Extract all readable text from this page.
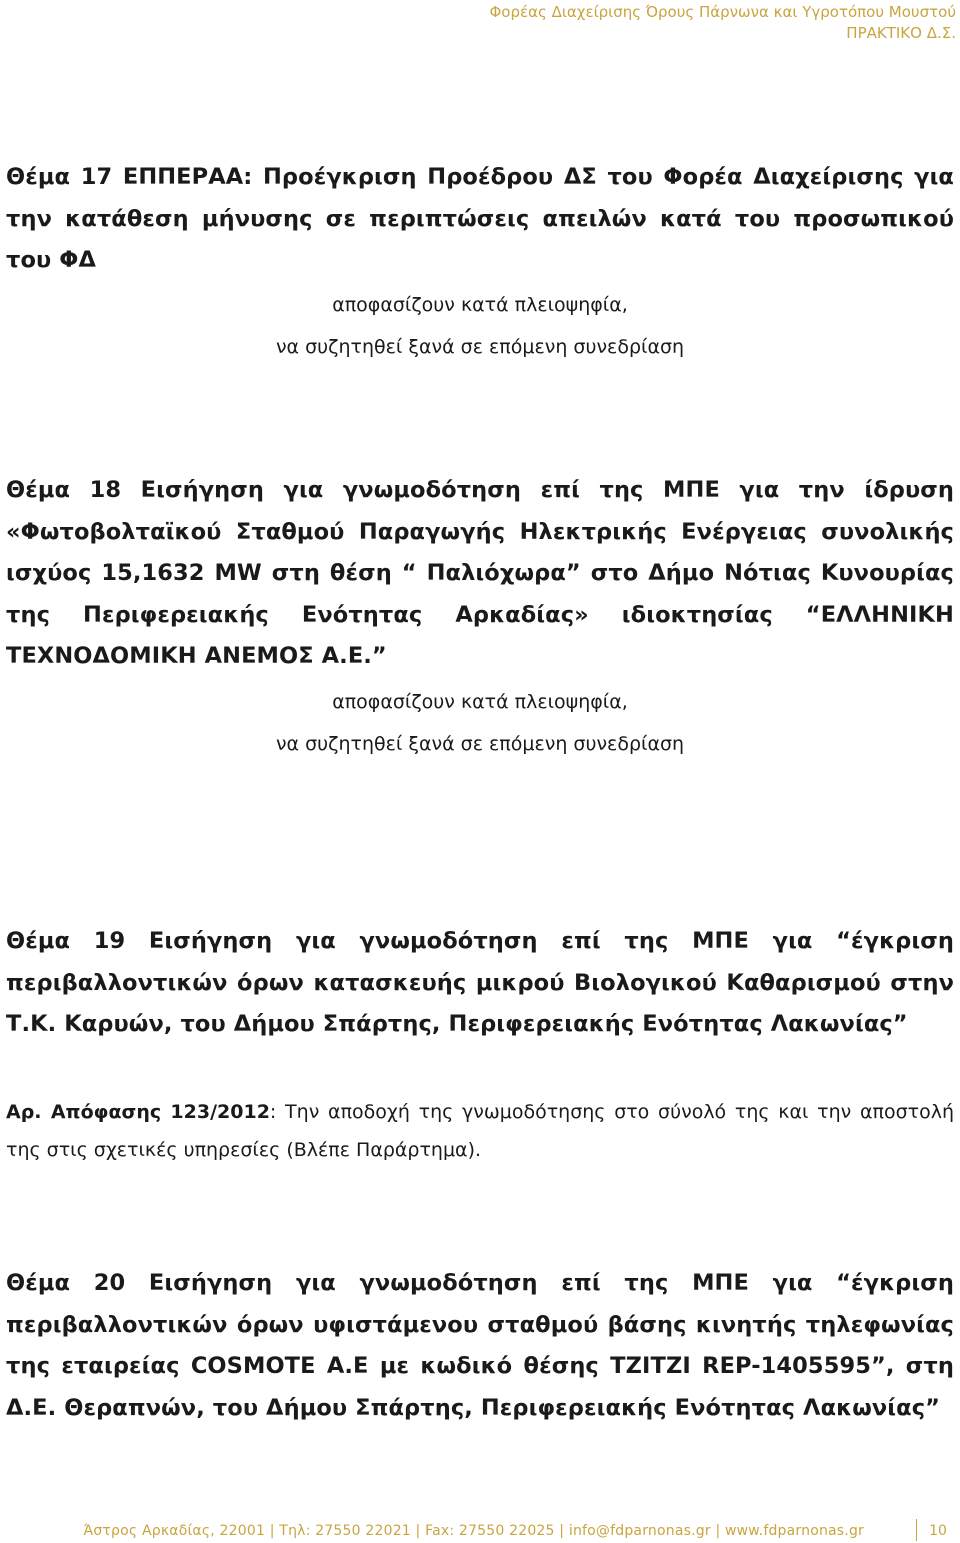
Φορέας Διαχείρισης Όρους Πάρνωνα και Υγροτόπου Μουστού
ΠΡΑΚΤΙΚΟ Δ.Σ.

Θέμα 17 ΕΠΠΕΡΑΑ: Προέγκριση Προέδρου ΔΣ του Φορέα Διαχείρισης για την κατάθεση μήνυσης σε περιπτώσεις απειλών κατά του προσωπικού του ΦΔ

αποφασίζουν κατά πλειοψηφία,
να συζητηθεί ξανά σε επόμενη συνεδρίαση

Θέμα 18 Εισήγηση για γνωμοδότηση επί της ΜΠΕ για την ίδρυση «Φωτοβολταϊκού Σταθμού Παραγωγής Ηλεκτρικής Ενέργειας συνολικής ισχύος 15,1632 MW στη θέση “ Παλιόχωρα” στο Δήμο Νότιας Κυνουρίας της Περιφερειακής Ενότητας Αρκαδίας» ιδιοκτησίας “ΕΛΛΗΝΙΚΗ ΤΕΧΝΟΔΟΜΙΚΗ ΑΝΕΜΟΣ Α.Ε.”

αποφασίζουν κατά πλειοψηφία,
να συζητηθεί ξανά σε επόμενη συνεδρίαση

Θέμα 19 Εισήγηση για γνωμοδότηση επί της ΜΠΕ για “έγκριση περιβαλλοντικών όρων κατασκευής μικρού Βιολογικού Καθαρισμού στην Τ.Κ. Καρυών, του Δήμου Σπάρτης, Περιφερειακής Ενότητας Λακωνίας”

Αρ. Απόφασης 123/2012: Την αποδοχή της γνωμοδότησης στο σύνολό της και την αποστολή της στις σχετικές υπηρεσίες (Βλέπε Παράρτημα).

Θέμα 20 Εισήγηση για γνωμοδότηση επί της ΜΠΕ για “έγκριση περιβαλλοντικών όρων υφιστάμενου σταθμού βάσης κινητής τηλεφωνίας της εταιρείας COSMOTE Α.Ε με κωδικό θέσης TZITZI REP-1405595”, στη Δ.Ε. Θεραπνών, του Δήμου Σπάρτης, Περιφερειακής Ενότητας Λακωνίας”

Άστρος Αρκαδίας, 22001 | Τηλ: 27550 22021 | Fax: 27550 22025 | info@fdparnonas.gr | www.fdparnonas.gr	10
